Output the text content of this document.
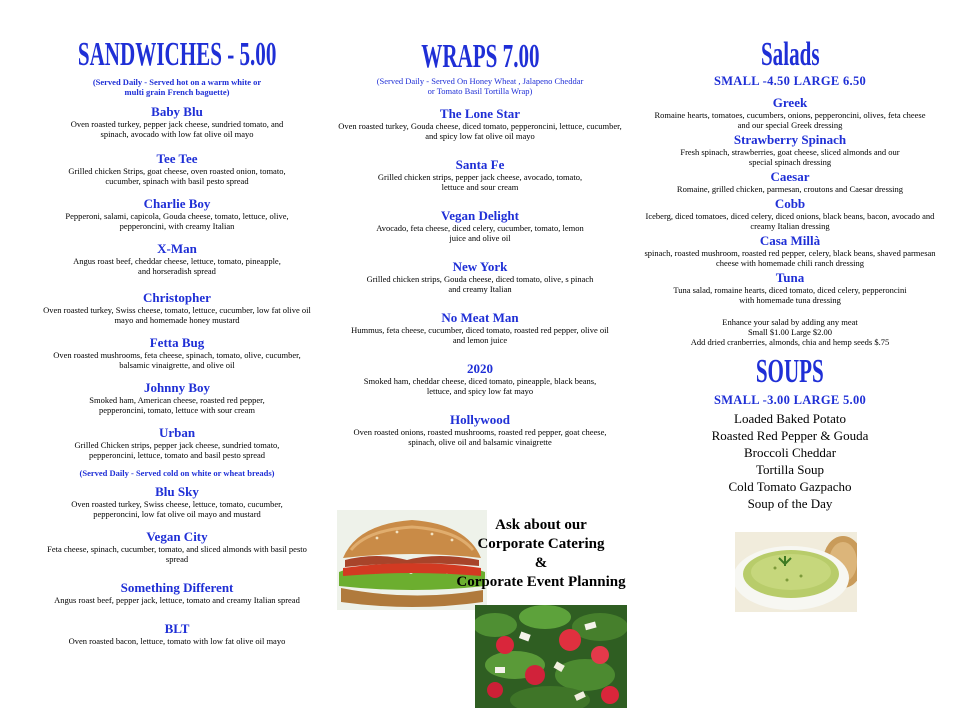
SANDWICHES - 5.00
(Served Daily - Served hot on a warm white or multi grain French baguette)
Baby Blu
Oven roasted turkey, pepper jack cheese, sundried tomato, and spinach, avocado with low fat olive oil mayo
Tee Tee
Grilled chicken Strips, goat cheese, oven roasted onion, tomato, cucumber, spinach with basil pesto spread
Charlie Boy
Pepperoni, salami, capicola, Gouda cheese, tomato, lettuce, olive, pepperoncini, with creamy Italian
X-Man
Angus roast beef, cheddar cheese, lettuce, tomato, pineapple, and horseradish spread
Christopher
Oven roasted turkey, Swiss cheese, tomato, lettuce, cucumber, low fat olive oil mayo and homemade honey mustard
Fetta Bug
Oven roasted mushrooms, feta cheese, spinach, tomato, olive, cucumber, balsamic vinaigrette, and olive oil
Johnny Boy
Smoked ham, American cheese, roasted red pepper, pepperoncini, tomato, lettuce with sour cream
Urban
Grilled Chicken strips, pepper jack cheese, sundried tomato, pepperoncini, lettuce, tomato and basil pesto spread
(Served Daily - Served cold on white or wheat breads)
Blu Sky
Oven roasted turkey, Swiss cheese, lettuce, tomato, cucumber, pepperoncini, low fat olive oil mayo and mustard
Vegan City
Feta cheese, spinach, cucumber, tomato, and sliced almonds with basil pesto spread
Something Different
Angus roast beef, pepper jack, lettuce, tomato and creamy Italian spread
BLT
Oven roasted bacon, lettuce, tomato with low fat olive oil mayo
WRAPS 7.00
(Served Daily - Served On Honey Wheat , Jalapeno Cheddar or Tomato Basil Tortilla Wrap)
The Lone Star
Oven roasted turkey, Gouda cheese, diced tomato, pepperoncini, lettuce, cucumber, and spicy low fat olive oil mayo
Santa Fe
Grilled chicken strips, pepper jack cheese, avocado, tomato, lettuce and sour cream
Vegan Delight
Avocado, feta cheese, diced celery, cucumber, tomato, lemon juice and olive oil
New York
Grilled chicken strips, Gouda cheese, diced tomato, olive, s pinach and creamy Italian
No Meat Man
Hummus, feta cheese, cucumber, diced tomato, roasted red pepper, olive oil and lemon juice
2020
Smoked ham, cheddar cheese, diced tomato, pineapple, black beans, lettuce, and spicy low fat mayo
Hollywood
Oven roasted onions, roasted mushrooms, roasted red pepper, goat cheese, spinach, olive oil and balsamic vinaigrette
Ask about our
Corporate Catering
&
Corporate Event Planning
Salads
SMALL -4.50 LARGE 6.50
Greek
Romaine hearts, tomatoes, cucumbers, onions, pepperoncini, olives, feta cheese and our special Greek dressing
Strawberry Spinach
Fresh spinach, strawberries, goat cheese, sliced almonds and our special spinach dressing
Caesar
Romaine, grilled chicken, parmesan, croutons and Caesar dressing
Cobb
Iceberg, diced tomatoes, diced celery, diced onions, black beans, bacon, avocado and creamy Italian dressing
Casa Millà
spinach, roasted mushroom, roasted red pepper, celery, black beans, shaved parmesan cheese with homemade chili ranch dressing
Tuna
Tuna salad, romaine hearts, diced tomato, diced celery, pepperoncini with homemade tuna dressing
Enhance your salad by adding any meat
Small $1.00 Large $2.00
Add dried cranberries, almonds, chia and hemp seeds $.75
SOUPS
SMALL -3.00 LARGE 5.00
Loaded Baked Potato
Roasted Red Pepper & Gouda
Broccoli Cheddar
Tortilla Soup
Cold Tomato Gazpacho
Soup of the Day
